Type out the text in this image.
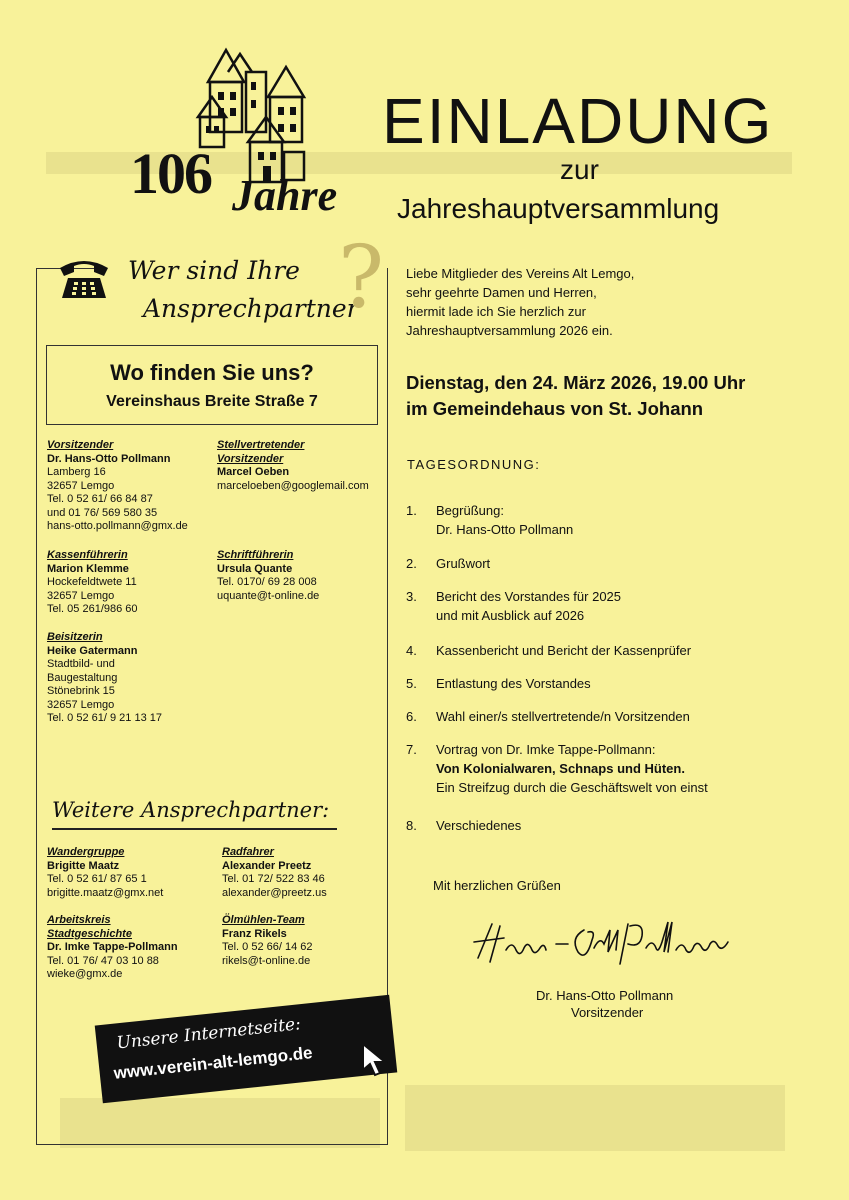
106 Jahre
EINLADUNG
zur
Jahreshauptversammlung
Wer sind Ihre
Ansprechpartner
?
Wo finden Sie uns?
Vereinshaus Breite Straße 7
Vorsitzender
Dr. Hans-Otto Pollmann
Lamberg 16
32657 Lemgo
Tel. 0 52 61/ 66 84 87
und 01 76/ 569 580 35
hans-otto.pollmann@gmx.de
Stellvertretender
Vorsitzender
Marcel Oeben
marceloeben@googlemail.com
Kassenführerin
Marion Klemme
Hockefeldtwete 11
32657 Lemgo
Tel. 05 261/986 60
Schriftführerin
Ursula Quante
Tel. 0170/ 69 28 008
uquante@t-online.de
Beisitzerin
Heike Gatermann
Stadtbild- und
Baugestaltung
Stönebrink 15
32657 Lemgo
Tel. 0 52 61/ 9 21 13 17
Weitere Ansprechpartner:
Wandergruppe
Brigitte Maatz
Tel. 0 52 61/ 87 65 1
brigitte.maatz@gmx.net
Radfahrer
Alexander Preetz
Tel. 01 72/ 522 83 46
alexander@preetz.us
Arbeitskreis
Stadtgeschichte
Dr. Imke Tappe-Pollmann
Tel. 01 76/ 47 03 10 88
wieke@gmx.de
Ölmühlen-Team
Franz Rikels
Tel. 0 52 66/ 14 62
rikels@t-online.de
Unsere Internetseite:
www.verein-alt-lemgo.de
Liebe Mitglieder des Vereins Alt Lemgo,
sehr geehrte Damen und Herren,
hiermit lade ich Sie herzlich zur
Jahreshauptversammlung 2026 ein.
Dienstag, den 24. März 2026, 19.00 Uhr
im Gemeindehaus von St. Johann
TAGESORDNUNG:
1. Begrüßung:
Dr. Hans-Otto Pollmann
2. Grußwort
3. Bericht des Vorstandes für 2025
und mit Ausblick auf 2026
4. Kassenbericht und Bericht der Kassenprüfer
5. Entlastung des Vorstandes
6. Wahl einer/s stellvertretende/n Vorsitzenden
7. Vortrag von Dr. Imke Tappe-Pollmann:
Von Kolonialwaren, Schnaps und Hüten.
Ein Streifzug durch die Geschäftswelt von einst
8. Verschiedenes
Mit herzlichen Grüßen
Dr. Hans-Otto Pollmann
Vorsitzender
